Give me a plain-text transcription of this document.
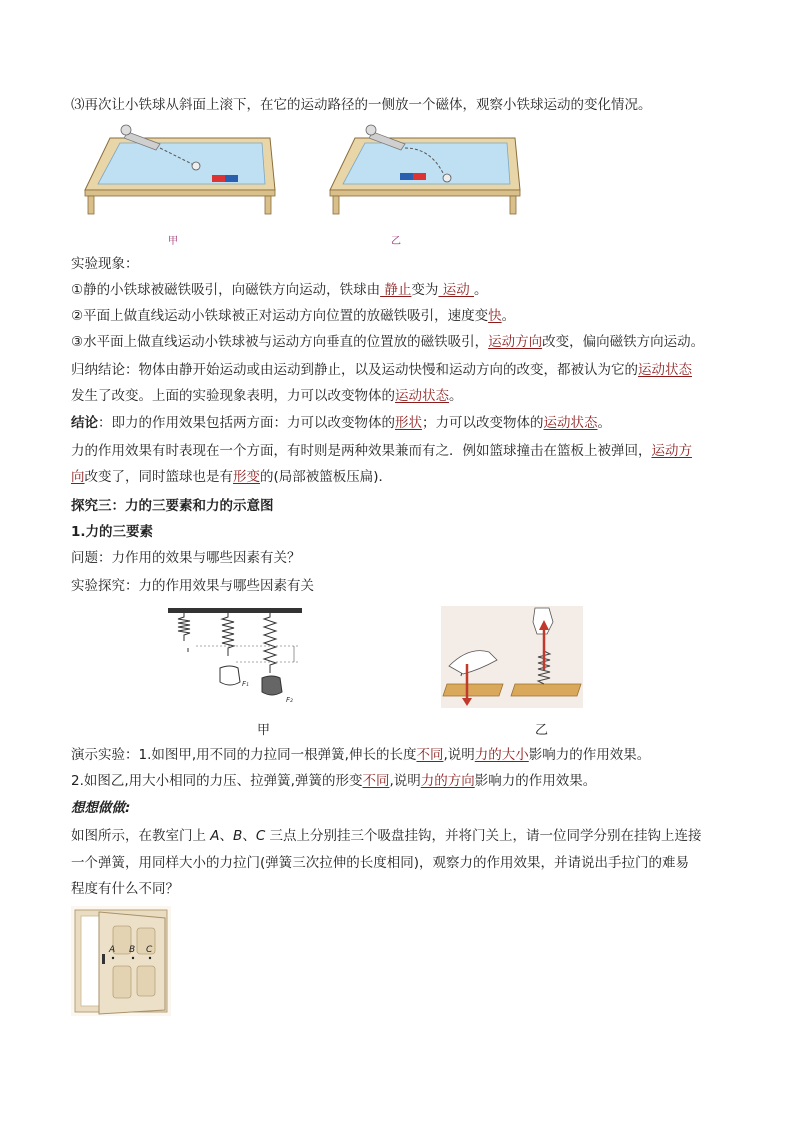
⑶再次让小铁球从斜面上滚下，在它的运动路径的一侧放一个磁体，观察小铁球运动的变化情况。
甲	乙
实验现象：
①静的小铁球被磁铁吸引，向磁铁方向运动，铁球由 静止变为 运动 。
②平面上做直线运动小铁球被正对运动方向位置的放磁铁吸引，速度变快。
③水平面上做直线运动小铁球被与运动方向垂直的位置放的磁铁吸引，运动方向改变，偏向磁铁方向运动。
归纳结论：物体由静开始运动或由运动到静止，以及运动快慢和运动方向的改变，都被认为它的运动状态
发生了改变。上面的实验现象表明，力可以改变物体的运动状态。
结论：即力的作用效果包括两方面：力可以改变物体的形状；力可以改变物体的运动状态。
力的作用效果有时表现在一个方面，有时则是两种效果兼而有之．例如篮球撞击在篮板上被弹回，运动方
向改变了，同时篮球也是有形变的(局部被篮板压扁)．
探究三：力的三要素和力的示意图
1.力的三要素
问题：力作用的效果与哪些因素有关？
实验探究：力的作用效果与哪些因素有关
F₁
F₂
甲	乙
演示实验：1.如图甲,用不同的力拉同一根弹簧,伸长的长度不同,说明力的大小影响力的作用效果。
2.如图乙,用大小相同的力压、拉弹簧,弹簧的形变不同,说明力的方向影响力的作用效果。
想想做做:
如图所示，在教室门上 A、B、C 三点上分别挂三个吸盘挂钩，并将门关上，请一位同学分别在挂钩上连接
一个弹簧，用同样大小的力拉门(弹簧三次拉伸的长度相同)，观察力的作用效果，并请说出手拉门的难易
程度有什么不同？
A B C
